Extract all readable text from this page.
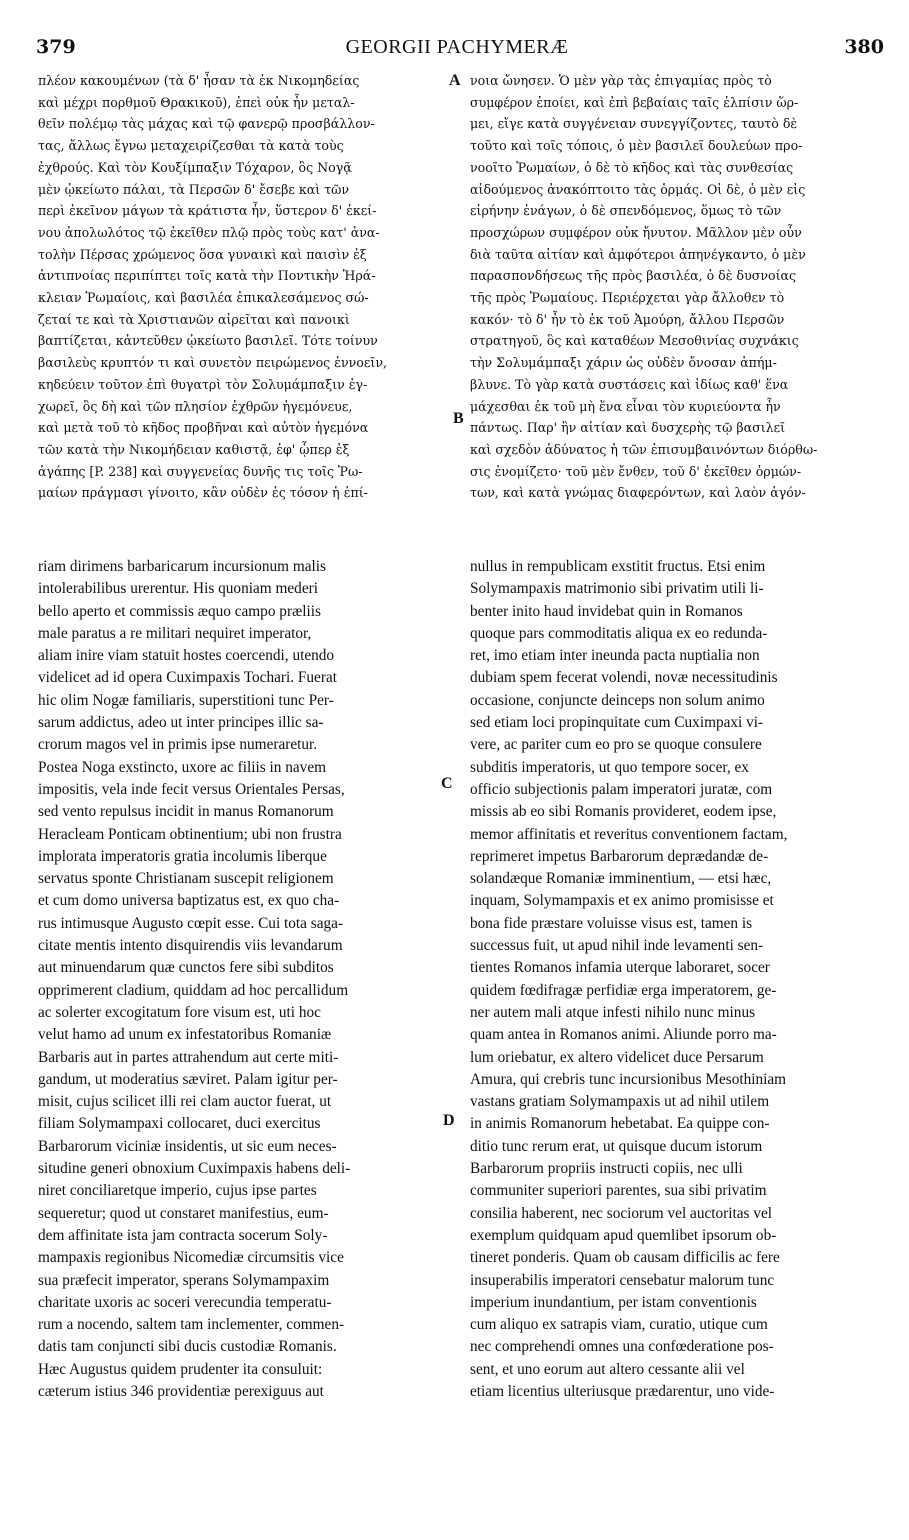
379	GEORGII PACHYMERÆ	380
πλέον κακουμένων (τὰ δ' ἦσαν τὰ ἐκ Νικομηδείας
καὶ μέχρι πορθμοῦ Θρακικοῦ), ἐπεὶ οὐκ ἦν μεταλ-
θεῖν πολέμῳ τὰς μάχας καὶ τῷ φανερῷ προσβάλλον-
τας, ἄλλως ἔγνω μεταχειρίζεσθαι τὰ κατὰ τοὺς
ἐχθρούς. Καὶ τὸν Κουξίμπαξιν Τόχαρον, ὃς Νογᾷ
μὲν ᾠκείωτο πάλαι, τὰ Περσῶν δ' ἔσεβε καὶ τῶν
περὶ ἐκεῖνον μάγων τὰ κράτιστα ἦν, ὕστερον δ' ἐκεί-
νου ἀπολωλότος τῷ ἐκεῖθεν πλῷ πρὸς τοὺς κατ' ἀνα-
τολὴν Πέρσας χρώμενος ὅσα γυναικὶ καὶ παισὶν ἐξ
ἀντιπνοίας περιπίπτει τοῖς κατὰ τὴν Ποντικὴν Ἡρά-
κλειαν Ῥωμαίοις, καὶ βασιλέα ἐπικαλεσάμενος σώ-
ζεταί τε καὶ τὰ Χριστιανῶν αἱρεῖται καὶ πανοικὶ
βαπτίζεται, κἀντεῦθεν ᾠκείωτο βασιλεῖ. Τότε τοίνυν
βασιλεὺς κρυπτόν τι καὶ συνετὸν πειρώμενος ἐννοεῖν,
κηδεύειν τοῦτον ἐπὶ θυγατρὶ τὸν Σολυμάμπαξιν ἐγ-
χωρεῖ, ὃς δὴ καὶ τῶν πλησίον ἐχθρῶν ἡγεμόνευε,
καὶ μετὰ τοῦ τὸ κῆδος προβῆναι καὶ αὐτὸν ἡγεμόνα
τῶν κατὰ τὴν Νικομήδειαν καθιστᾷ, ἐφ' ᾧπερ ἐξ
ἀγάπης [P. 238] καὶ συγγενείας δυνῆς τις τοῖς Ῥω-
μαίων πράγμασι γίνοιτο, κἂν οὐδὲν ἐς τόσον ἡ ἐπί-
νοια ὤνησεν. Ὁ μὲν γὰρ τὰς ἐπιγαμίας πρὸς τὸ
συμφέρον ἐποίει, καὶ ἐπὶ βεβαίαις ταῖς ἐλπίσιν ὥρ-
μει, εἴγε κατὰ συγγένειαν συνεγγίζοντες, ταυτὸ δὲ
τοῦτο καὶ τοῖς τόποις, ὁ μὲν βασιλεῖ δουλεύων προ-
νοοῖτο Ῥωμαίων, ὁ δὲ τὸ κῆδος καὶ τὰς συνθεσίας
αἰδούμενος ἀνακόπτοιτο τὰς ὁρμάς. Οἱ δὲ, ὁ μὲν εἰς
εἰρήνην ἐνάγων, ὁ δὲ σπενδόμενος, ὅμως τὸ τῶν
προσχώρων συμφέρον οὐκ ἤνυτον. Μᾶλλον μὲν οὖν
διὰ ταῦτα αἰτίαν καὶ ἀμφότεροι ἀπηνέγκαντο, ὁ μὲν
παρασπονδήσεως τῆς πρὸς βασιλέα, ὁ δὲ δυσνοίας
τῆς πρὸς Ῥωμαίους. Περιέρχεται γὰρ ἄλλοθεν τὸ
κακόν· τὸ δ' ἦν τὸ ἐκ τοῦ Ἀμούρη, ἄλλου Περσῶν
στρατηγοῦ, ὃς καὶ καταθέων Μεσοθινίας συχνάκις
τὴν Σολυμάμπαξι χάριν ὡς οὐδὲν ὄνοσαν ἀπήμ-
βλυνε. Τὸ γὰρ κατὰ συστάσεις καὶ ἰδίως καθ' ἕνα
μάχεσθαι ἐκ τοῦ μὴ ἕνα εἶναι τὸν κυριεύοντα ἦν
πάντως. Παρ' ἣν αἰτίαν καὶ δυσχερὴς τῷ βασιλεῖ
καὶ σχεδὸν ἀδύνατος ἡ τῶν ἐπισυμβαινόντων διόρθω-
σις ἐνομίζετο· τοῦ μὲν ἔνθεν, τοῦ δ' ἐκεῖθεν ὁρμών-
των, καὶ κατὰ γνώμας διαφερόντων, καὶ λαὸν ἀγόν-
riam dirimens barbaricarum incursionum malis
intolerabilibus urerentur. His quoniam mederi
bello aperto et commissis æquo campo præliis
male paratus a re militari nequiret imperator,
aliam inire viam statuit hostes coercendi, utendo
videlicet ad id opera Cuximpaxis Tochari. Fuerat
hic olim Nogæ familiaris, superstitioni tunc Per-
sarum addictus, adeo ut inter principes illic sa-
crorum magos vel in primis ipse numeraretur.
Postea Noga exstincto, uxore ac filiis in navem
impositis, vela inde fecit versus Orientales Persas,
sed vento repulsus incidit in manus Romanorum
Heracleam Ponticam obtinentium; ubi non frustra
implorata imperatoris gratia incolumis liberque
servatus sponte Christianam suscepit religionem
et cum domo universa baptizatus est, ex quo cha-
rus intimusque Augusto cœpit esse. Cui tota saga-
citate mentis intento disquirendis viis levandarum
aut minuendarum quæ cunctos fere sibi subditos
opprimerent cladium, quiddam ad hoc percallidum
ac solerter excogitatum fore visum est, uti hoc
velut hamo ad unum ex infestatoribus Romaniæ
Barbaris aut in partes attrahendum aut certe miti-
gandum, ut moderatius sæviret. Palam igitur per-
misit, cujus scilicet illi rei clam auctor fuerat, ut
filiam Solymampaxi collocaret, duci exercitus
Barbarorum viciniæ insidentis, ut sic eum neces-
situdine generi obnoxium Cuximpaxis habens deli-
niret conciliaretque imperio, cujus ipse partes
sequeretur; quod ut constaret manifestius, eum-
dem affinitate ista jam contracta socerum Soly-
mampaxis regionibus Nicomediæ circumsitis vice
sua præfecit imperator, sperans Solymampaxim
charitate uxoris ac soceri verecundia temperatu-
rum a nocendo, saltem tam inclementer, commen-
datis tam conjuncti sibi ducis custodiæ Romanis.
Hæc Augustus quidem prudenter ita consuluit:
cæterum istius 346 providentiæ perexiguus aut
nullus in rempublicam exstitit fructus. Etsi enim
Solymampaxis matrimonio sibi privatim utili li-
benter inito haud invidebat quin in Romanos
quoque pars commoditatis aliqua ex eo redunda-
ret, imo etiam inter ineunda pacta nuptialia non
dubiam spem fecerat volendi, novæ necessitudinis
occasione, conjuncte deinceps non solum animo
sed etiam loci propinquitate cum Cuximpaxi vi-
vere, ac pariter cum eo pro se quoque consulere
subditis imperatoris, ut quo tempore socer, ex
officio subjectionis palam imperatori juratæ, com
missis ab eo sibi Romanis provideret, eodem ipse,
memor affinitatis et reveritus conventionem factam,
reprimeret impetus Barbarorum deprædandæ de-
solandæque Romaniæ imminentium, — etsi hæc,
inquam, Solymampaxis et ex animo promisisse et
bona fide præstare voluisse visus est, tamen is
successus fuit, ut apud nihil inde levamenti sen-
tientes Romanos infamia uterque laboraret, socer
quidem fœdifragæ perfidiæ erga imperatorem, ge-
ner autem mali atque infesti nihilo nunc minus
quam antea in Romanos animi. Aliunde porro ma-
lum oriebatur, ex altero videlicet duce Persarum
Amura, qui crebris tunc incursionibus Mesothiniam
vastans gratiam Solymampaxis ut ad nihil utilem
in animis Romanorum hebetabat. Ea quippe con-
ditio tunc rerum erat, ut quisque ducum istorum
Barbarorum propriis instructi copiis, nec ulli
communiter superiori parentes, sua sibi privatim
consilia haberent, nec sociorum vel auctoritas vel
exemplum quidquam apud quemlibet ipsorum ob-
tineret ponderis. Quam ob causam difficilis ac fere
insuperabilis imperatori censebatur malorum tunc
imperium inundantium, per istam conventionis
cum aliquo ex satrapis viam, curatio, utique cum
nec comprehendi omnes una confœderatione pos-
sent, et uno eorum aut altero cessante alii vel
etiam licentius ulteriusque prædarentur, uno vide-
A
B
C
D
